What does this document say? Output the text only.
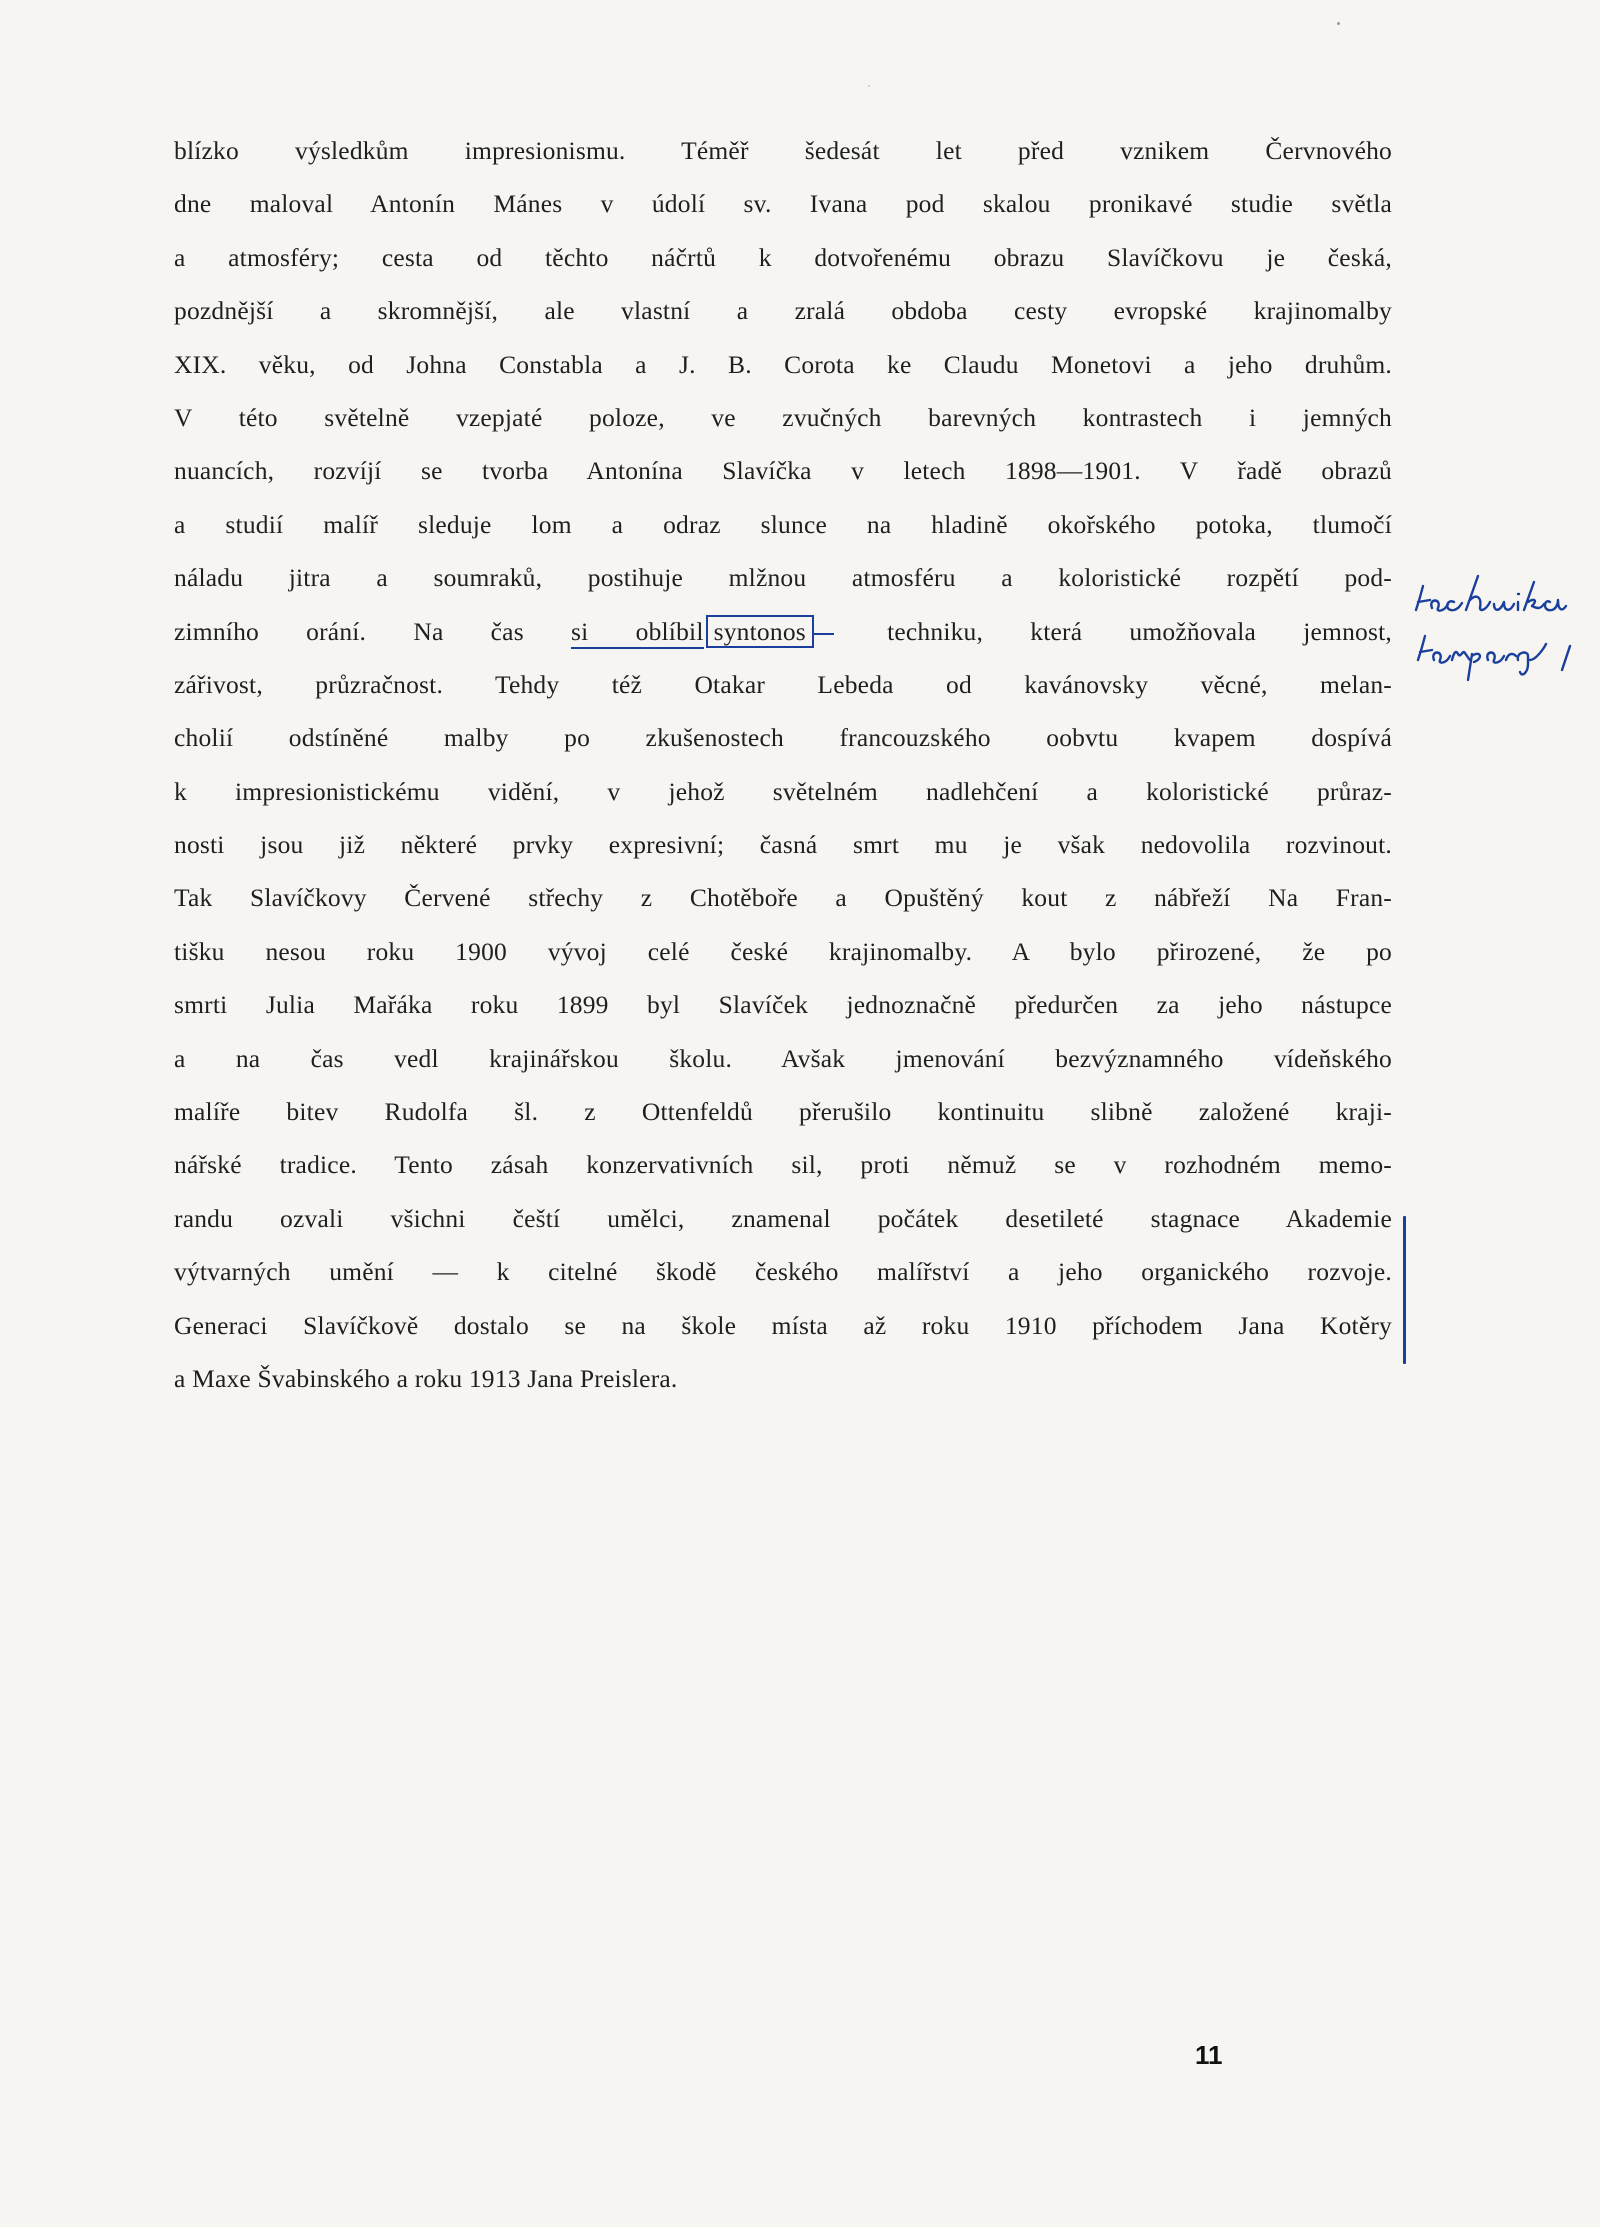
blízko výsledkům impresionismu. Téměř šedesát let před vznikem Červnového
dne maloval Antonín Mánes v údolí sv. Ivana pod skalou pronikavé studie světla
a atmosféry; cesta od těchto náčrtů k dotvořenému obrazu Slavíčkovu je česká,
pozdnější a skromnější, ale vlastní a zralá obdoba cesty evropské krajinomalby
XIX. věku, od Johna Constabla a J. B. Corota ke Claudu Monetovi a jeho druhům.
V této světelně vzepjaté poloze, ve zvučných barevných kontrastech i jemných
nuancích, rozvíjí se tvorba Antonína Slavíčka v letech 1898—1901. V řadě obrazů
a studií malíř sleduje lom a odraz slunce na hladině okořského potoka, tlumočí
náladu jitra a soumraků, postihuje mlžnou atmosféru a koloristické rozpětí pod-
zimního orání. Na čas si oblíbil syntonos techniku, která umožňovala jemnost,
zářivost, průzračnost. Tehdy též Otakar Lebeda od kavánovsky věcné, melan-
cholií odstíněné malby po zkušenostech francouzského oobvtu kvapem dospívá
k impresionistickému vidění, v jehož světelném nadlehčení a koloristické průraz-
nosti jsou již některé prvky expresivní; časná smrt mu je však nedovolila rozvinout.
Tak Slavíčkovy Červené střechy z Chotěboře a Opuštěný kout z nábřeží Na Fran-
tišku nesou roku 1900 vývoj celé české krajinomalby. A bylo přirozené, že po
smrti Julia Mařáka roku 1899 byl Slavíček jednoznačně předurčen za jeho nástupce
a na čas vedl krajinářskou školu. Avšak jmenování bezvýznamného vídeňského
malíře bitev Rudolfa šl. z Ottenfeldů přerušilo kontinuitu slibně založené kraji-
nářské tradice. Tento zásah konzervativních sil, proti němuž se v rozhodném memo-
randu ozvali všichni čeští umělci, znamenal počátek desetileté stagnace Akademie
výtvarných umění — k citelné škodě českého malířství a jeho organického rozvoje.
Generaci Slavíčkově dostalo se na škole místa až roku 1910 příchodem Jana Kotěry
a Maxe Švabinského a roku 1913 Jana Preislera.
11
